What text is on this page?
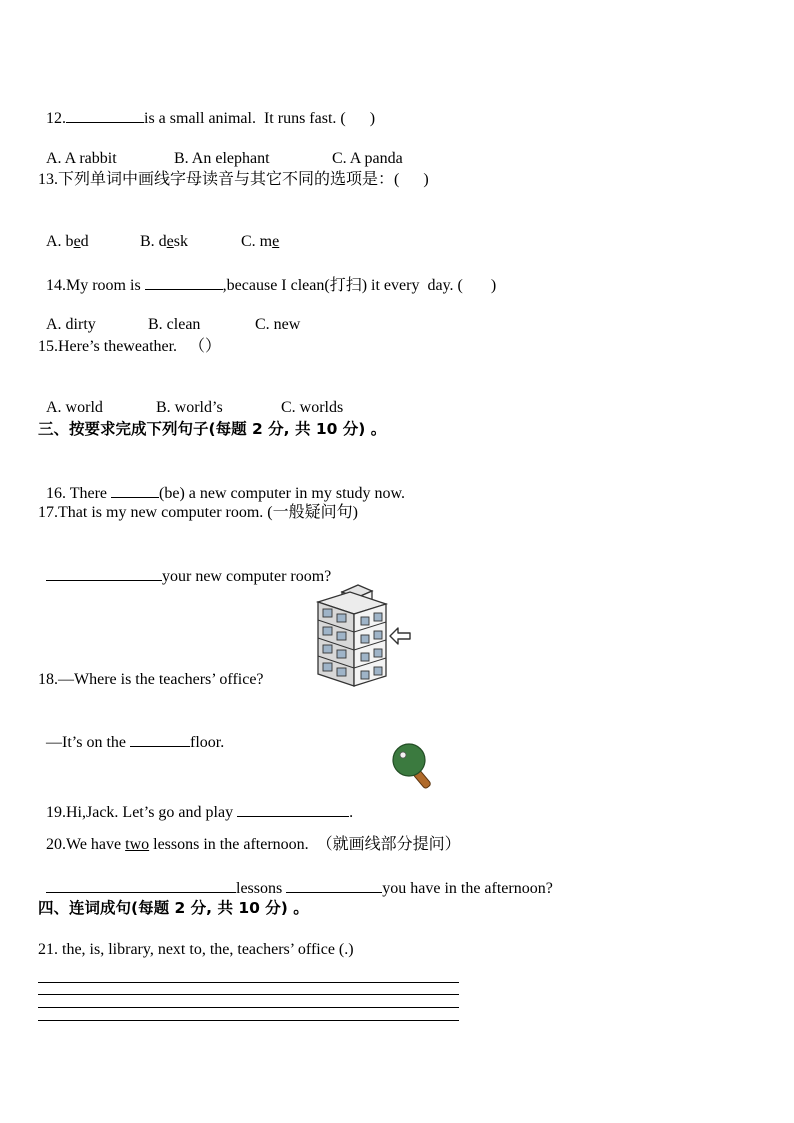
12.	is a small animal.  It runs fast. (      )

A. A rabbit	B. An elephant	C. A panda

13.下列单词中画线字母读音与其它不同的选项是：(      )

A. bed	B. desk	C. me

14.My room is	,because I clean(打扫) it every  day. (       )

A. dirty	B. clean	C. new

15.Here’s theweather.   （）

A. world	B. world’s	C. worlds

三、按要求完成下列句子(每题 2 分, 共 10 分) 。

16. There	(be) a new computer in my study now.

17.That is my new computer room. (一般疑问句)

your new computer room?

18.—Where is the teachers’ office?

—It’s on the	floor.

19.Hi,Jack. Let’s go and play	.

20.We have two lessons in the afternoon.  （就画线部分提问）

lessons	you have in the afternoon?

四、连词成句(每题 2 分, 共 10 分) 。
21. the, is, library, next to, the, teachers’ office (.)
